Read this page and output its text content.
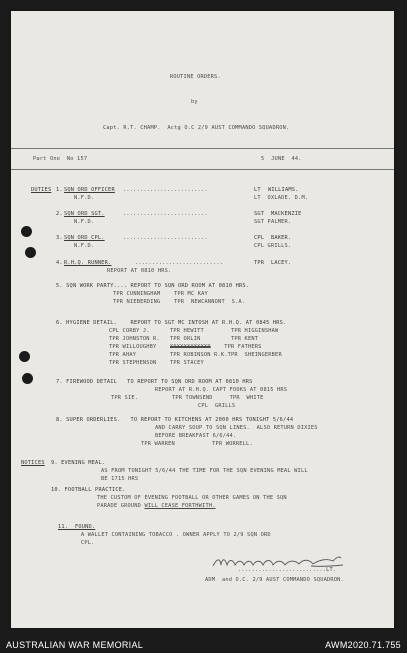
ROUTINE ORDERS.
by
Capt. R.T. CHAMP.  Actg O.C 2/9 AUST COMMANDO SQUADRON.
Part One  No 157	5  JUNE  44.
DUTIES 1. SQN ORD OFFICER .........................	LT WILLIAMS.
N.F.D.	LT  OXLADE. D.M.
2. SQN ORD SGT.	.........................	SGT MACKENZIE
N.F.D.	SGT PALMER.
3. SQN ORD CPL.	.........................	CPL BAKER.
N.F.D.	CPL GRILLS.
4. R.H.Q. RUNNER.	..........................	TPR LACEY.
REPORT AT 0810 HRS.
5. SQN WORK PARTY.... REPORT TO SQN ORD ROOM AT 0810 HRS.
TPR CUNNINGHAM    TPR MC KAY
TPR NIEBERDING    TPR  NEWCANNONT  S.A.
6. HYGIENE DETAIL.    REPORT TO SGT MC INTOSH AT R.H.Q. AT 0845 HRS.
CPL CORBY J.      TPR HEWITT        TPR HIGGINSHAW
TPR JOHNSTON R.   TPR ORLIN         TPR KENT
TPR WILLOUGHBY    XXXXXXXXXXXX    TPR FATHERS
TPR AHAY          TPR ROBINSON R.K.TPR  SHEINGERBER
TPR STEPHENSON    TPR STACEY
7. FIREWOOD DETAIL   TO REPORT TO SQN ORD ROOM AT 0810 HRS
REPORT AT R.H.Q. CAPT FOOKS AT 0815 HRS
TPR SIE.          TPR TOWNSEND     TPR  WHITE
CPL  GRILLS
8. SUPER ORDERLIES.   TO REPORT TO KITCHENS AT 2000 HRS TONIGHT 5/6/44
AND CARRY SOUP TO SQN LINES.  ALSO RETURN DIXIES
BEFORE BREAKFAST 6/6/44.
TPR WARREN           TPR WORRELL.
NOTICES 9. EVENING MEAL.
AS FROM TONIGHT 5/6/44 THE TIME FOR THE SQN EVENING MEAL WILL
BE 1715 HRS
10. FOOTBALL PRACTICE.
THE CUSTOM OF EVENING FOOTBALL OR OTHER GAMES ON THE SQN
PARADE GROUND WILL CEASE FORTHWITH.
11.  FOUND.
A WALLET CONTAINING TOBACCO . OWNER APPLY TO 2/9 SQN ORD
CPL.
..........................LT.
ADM  and O.C. 2/9 AUST COMMANDO SQUADRON.
AUSTRALIAN WAR MEMORIAL	AWM2020.71.755
